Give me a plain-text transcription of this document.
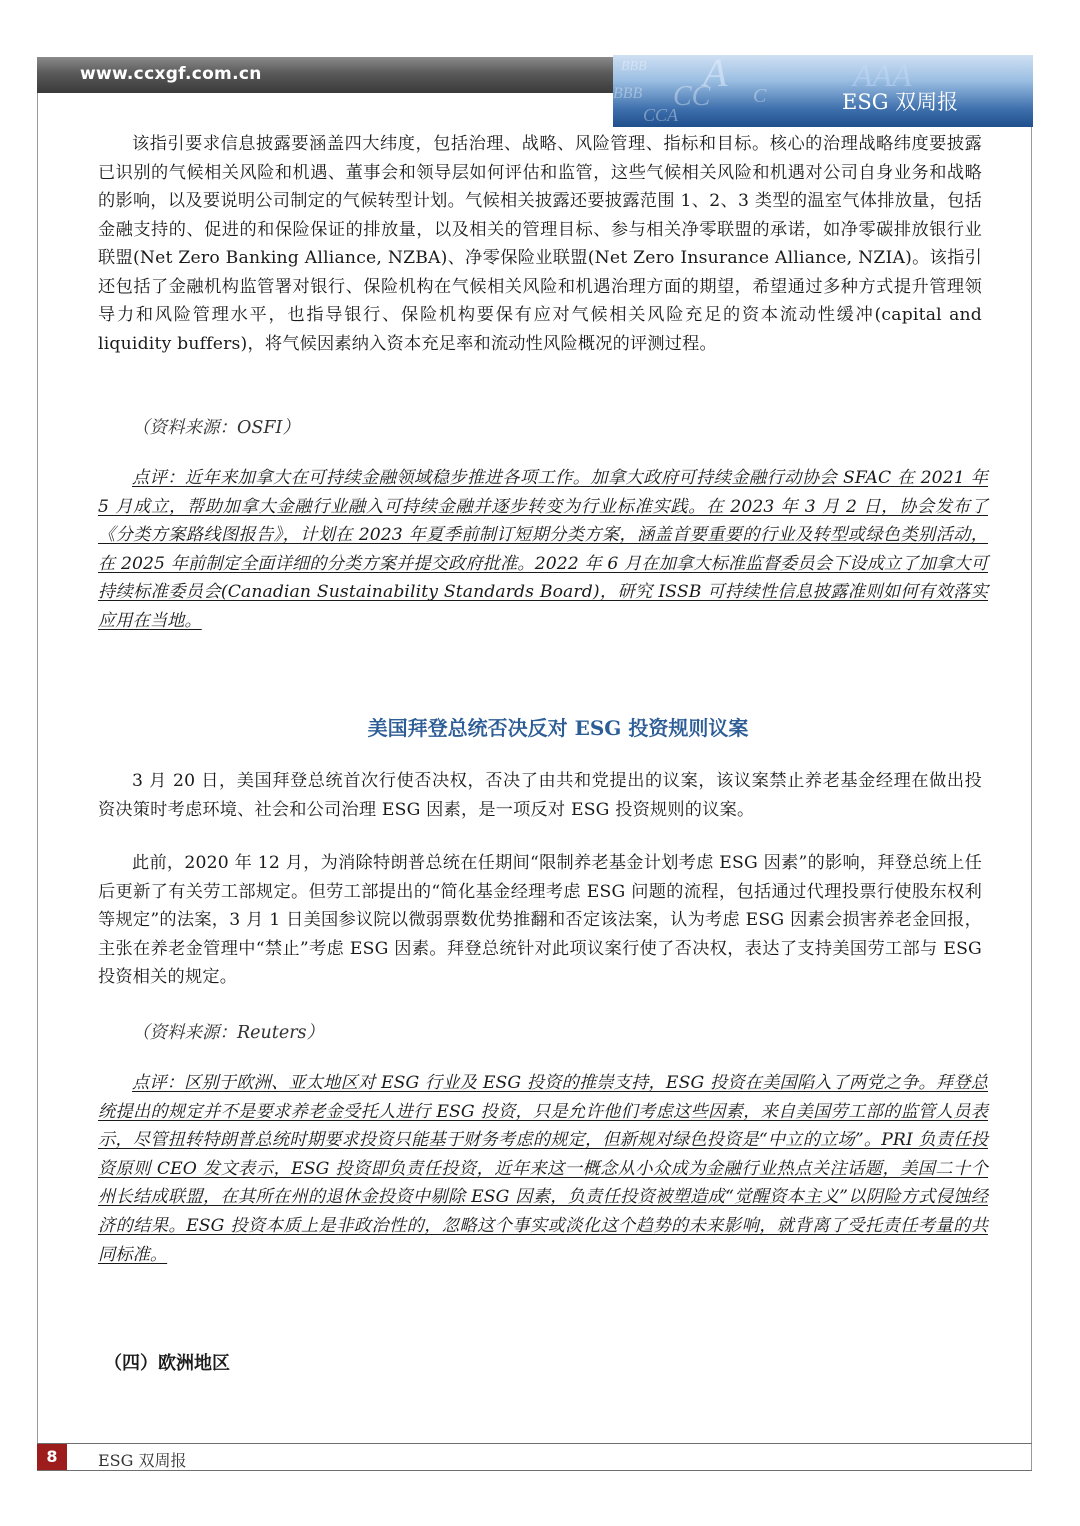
www.ccxgf.com.cn	BBB A
BBB CC C
AAA
CCA
ESG 双周报

该指引要求信息披露要涵盖四大纬度，包括治理、战略、风险管理、指标和目标。核心的治理战略纬度要披露已识别的气候相关风险和机遇、董事会和领导层如何评估和监管，这些气候相关风险和机遇对公司自身业务和战略的影响，以及要说明公司制定的气候转型计划。气候相关披露还要披露范围 1、2、3 类型的温室气体排放量，包括金融支持的、促进的和保险保证的排放量，以及相关的管理目标、参与相关净零联盟的承诺，如净零碳排放银行业联盟(Net Zero Banking Alliance, NZBA)、净零保险业联盟(Net Zero Insurance Alliance, NZIA)。该指引还包括了金融机构监管署对银行、保险机构在气候相关风险和机遇治理方面的期望，希望通过多种方式提升管理领导力和风险管理水平，也指导银行、保险机构要保有应对气候相关风险充足的资本流动性缓冲(capital and liquidity buffers)，将气候因素纳入资本充足率和流动性风险概况的评测过程。

（资料来源：OSFI）

点评：近年来加拿大在可持续金融领域稳步推进各项工作。加拿大政府可持续金融行动协会 SFAC 在 2021 年 5 月成立，帮助加拿大金融行业融入可持续金融并逐步转变为行业标准实践。在 2023 年 3 月 2 日，协会发布了《分类方案路线图报告》，计划在 2023 年夏季前制订短期分类方案，涵盖首要重要的行业及转型或绿色类别活动，在 2025 年前制定全面详细的分类方案并提交政府批准。2022 年 6 月在加拿大标准监督委员会下设成立了加拿大可持续标准委员会(Canadian Sustainability Standards Board)，研究 ISSB 可持续性信息披露准则如何有效落实应用在当地。

美国拜登总统否决反对 ESG 投资规则议案

3 月 20 日，美国拜登总统首次行使否决权，否决了由共和党提出的议案，该议案禁止养老基金经理在做出投资决策时考虑环境、社会和公司治理 ESG 因素，是一项反对 ESG 投资规则的议案。

此前，2020 年 12 月，为消除特朗普总统在任期间“限制养老基金计划考虑 ESG 因素”的影响，拜登总统上任后更新了有关劳工部规定。但劳工部提出的“简化基金经理考虑 ESG 问题的流程，包括通过代理投票行使股东权利等规定”的法案，3 月 1 日美国参议院以微弱票数优势推翻和否定该法案，认为考虑 ESG 因素会损害养老金回报，主张在养老金管理中“禁止”考虑 ESG 因素。拜登总统针对此项议案行使了否决权，表达了支持美国劳工部与 ESG 投资相关的规定。

（资料来源：Reuters）

点评：区别于欧洲、亚太地区对 ESG 行业及 ESG 投资的推崇支持，ESG 投资在美国陷入了两党之争。拜登总统提出的规定并不是要求养老金受托人进行 ESG 投资，只是允许他们考虑这些因素，来自美国劳工部的监管人员表示，尽管扭转特朗普总统时期要求投资只能基于财务考虑的规定，但新规对绿色投资是“中立的立场”。PRI 负责任投资原则 CEO 发文表示，ESG 投资即负责任投资，近年来这一概念从小众成为金融行业热点关注话题，美国二十个州长结成联盟，在其所在州的退休金投资中剔除 ESG 因素，负责任投资被塑造成“觉醒资本主义”以阴险方式侵蚀经济的结果。ESG 投资本质上是非政治性的，忽略这个事实或淡化这个趋势的未来影响，就背离了受托责任考量的共同标准。

（四）欧洲地区
8	ESG 双周报
